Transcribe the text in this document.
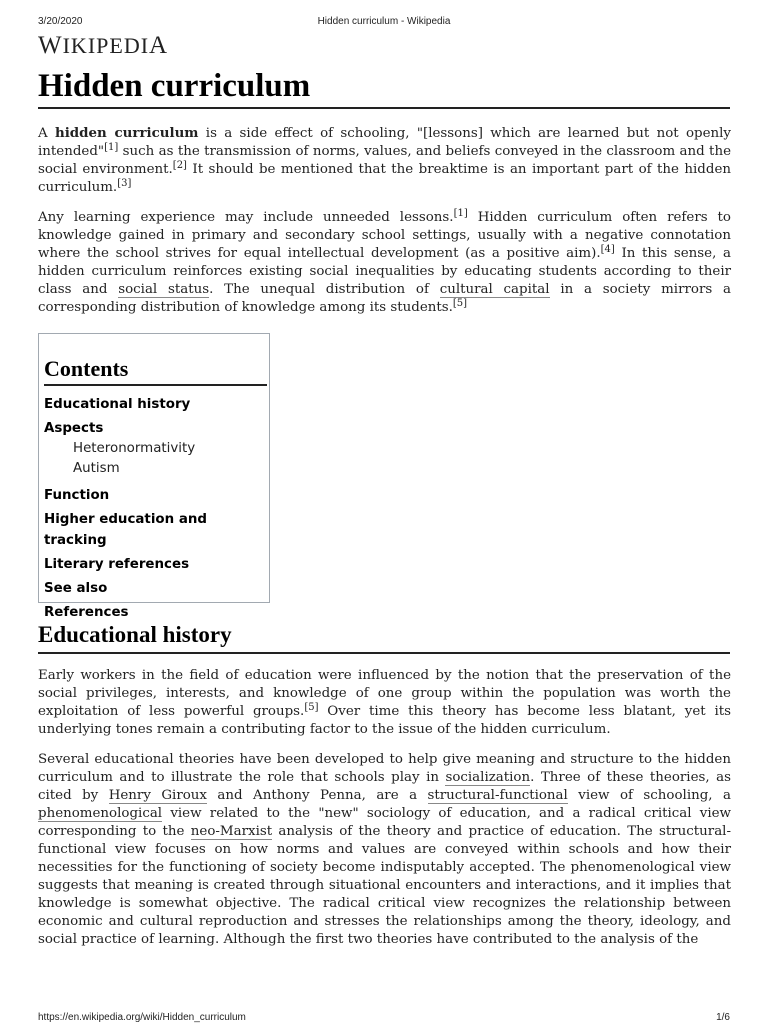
3/20/2020	Hidden curriculum - Wikipedia
WIKIPEDIA
Hidden curriculum

A hidden curriculum is a side effect of schooling, "[lessons] which are learned but not openly intended"[1] such as the transmission of norms, values, and beliefs conveyed in the classroom and the social environment.[2] It should be mentioned that the breaktime is an important part of the hidden curriculum.[3]

Any learning experience may include unneeded lessons.[1] Hidden curriculum often refers to knowledge gained in primary and secondary school settings, usually with a negative connotation where the school strives for equal intellectual development (as a positive aim).[4] In this sense, a hidden curriculum reinforces existing social inequalities by educating students according to their class and social status. The unequal distribution of cultural capital in a society mirrors a corresponding distribution of knowledge among its students.[5]

Contents
Educational history
Aspects
Heteronormativity
Autism
Function
Higher education and tracking
Literary references
See also
References
Educational history

Early workers in the field of education were influenced by the notion that the preservation of the social privileges, interests, and knowledge of one group within the population was worth the exploitation of less powerful groups.[5] Over time this theory has become less blatant, yet its underlying tones remain a contributing factor to the issue of the hidden curriculum.

Several educational theories have been developed to help give meaning and structure to the hidden curriculum and to illustrate the role that schools play in socialization. Three of these theories, as cited by Henry Giroux and Anthony Penna, are a structural-functional view of schooling, a phenomenological view related to the "new" sociology of education, and a radical critical view corresponding to the neo-Marxist analysis of the theory and practice of education. The structural-functional view focuses on how norms and values are conveyed within schools and how their necessities for the functioning of society become indisputably accepted. The phenomenological view suggests that meaning is created through situational encounters and interactions, and it implies that knowledge is somewhat objective. The radical critical view recognizes the relationship between economic and cultural reproduction and stresses the relationships among the theory, ideology, and social practice of learning. Although the first two theories have contributed to the analysis of the

https://en.wikipedia.org/wiki/Hidden_curriculum	1/6
